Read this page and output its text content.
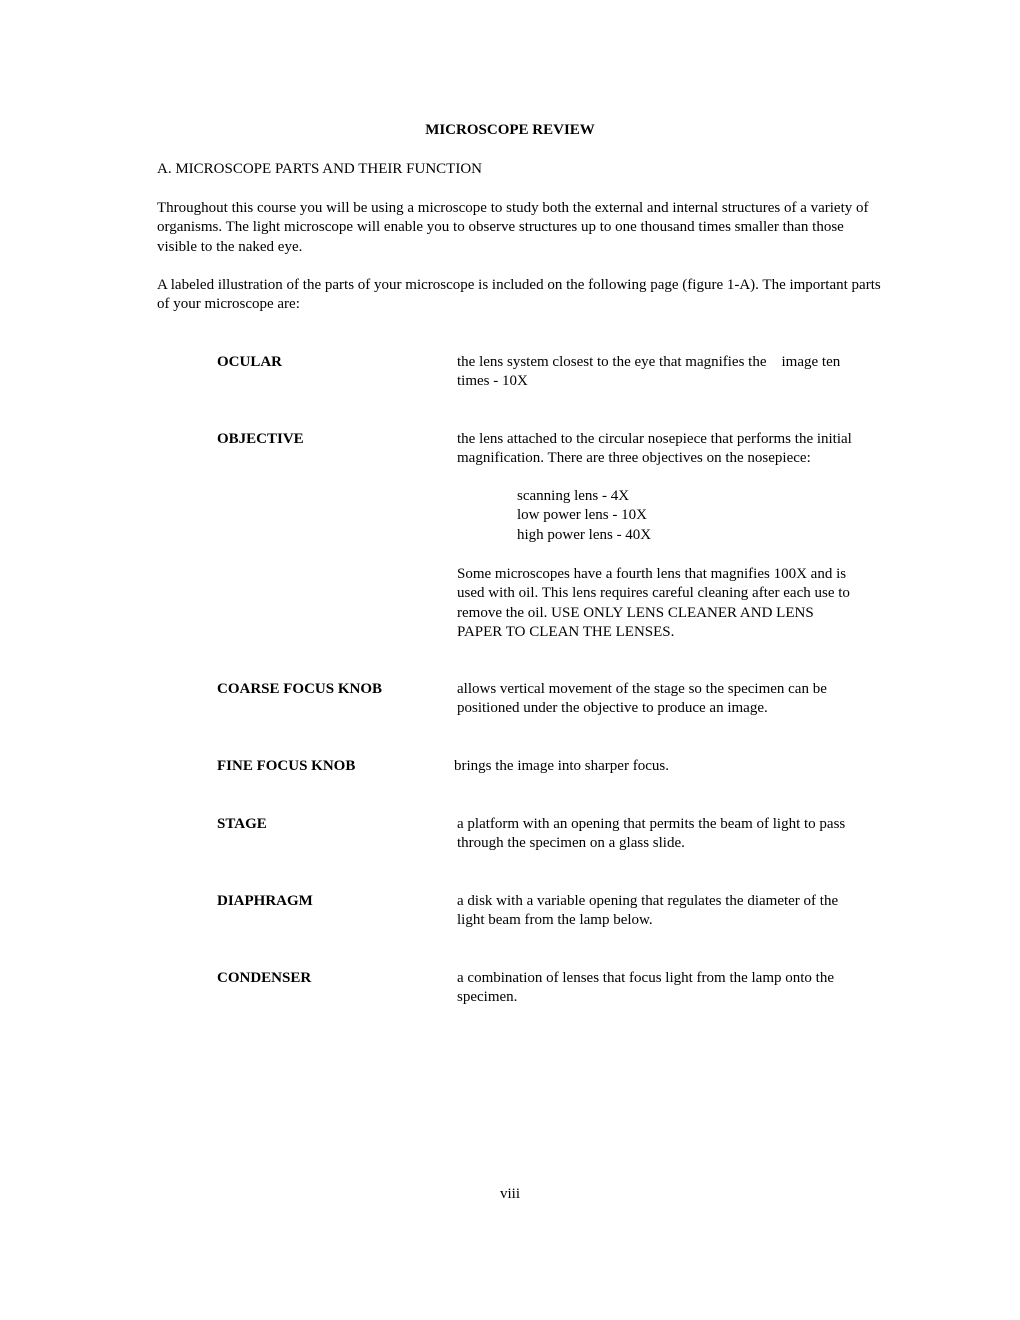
MICROSCOPE REVIEW
A. MICROSCOPE PARTS AND THEIR FUNCTION
Throughout this course you will be using a microscope to study both the external and internal structures of a variety of organisms. The light microscope will enable you to observe structures up to one thousand times smaller than those visible to the naked eye.
A labeled illustration of the parts of your microscope is included on the following page (figure 1-A). The important parts of your microscope are:
OCULAR	the lens system closest to the eye that magnifies the    image ten
times - 10X
OBJECTIVE	the lens attached to the circular nosepiece that performs the initial
magnification. There are three objectives on the nosepiece:
scanning lens - 4X
low power lens - 10X
high power lens - 40X
Some microscopes have a fourth lens that magnifies 100X and is
used with oil. This lens requires careful cleaning after each use to
remove the oil. USE ONLY LENS CLEANER AND LENS
PAPER TO CLEAN THE LENSES.
COARSE FOCUS KNOB	allows vertical movement of the stage so the specimen can be
positioned under the objective to produce an image.
FINE FOCUS KNOB	brings the image into sharper focus.
STAGE	a platform with an opening that permits the beam of light to pass
through the specimen on a glass slide.
DIAPHRAGM	a disk with a variable opening that regulates the diameter of the
light beam from the lamp below.
CONDENSER	a combination of lenses that focus light from the lamp onto the
specimen.
viii
